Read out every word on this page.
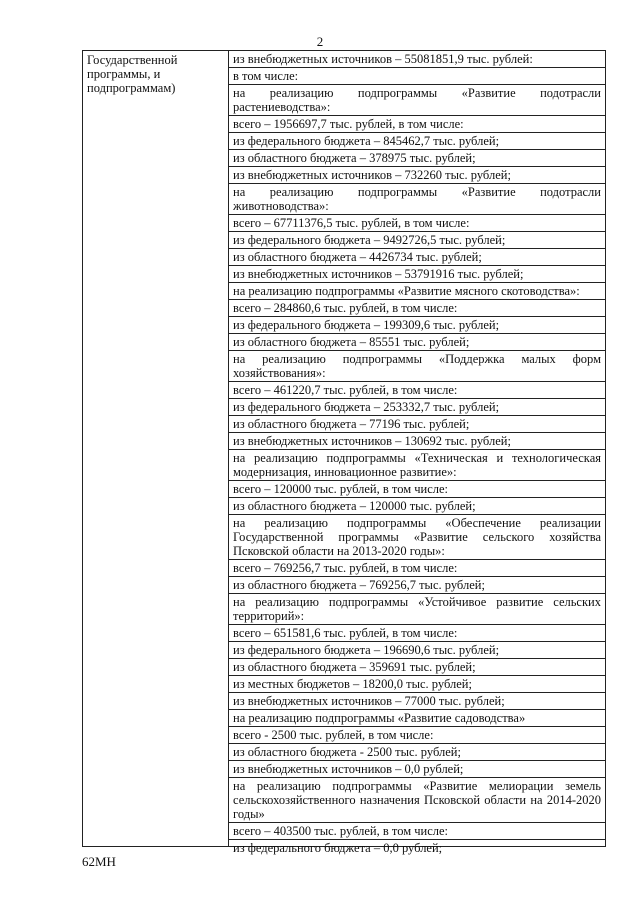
2
Государственной программы, и подпрограммам)
из внебюджетных источников – 55081851,9 тыс. рублей:
в том числе:
на реализацию подпрограммы «Развитие подотрасли растениеводства»:
всего – 1956697,7 тыс. рублей, в том числе:
из федерального бюджета – 845462,7 тыс. рублей;
из областного бюджета – 378975 тыс. рублей;
из внебюджетных источников – 732260 тыс. рублей;
на реализацию подпрограммы «Развитие подотрасли животноводства»:
всего – 67711376,5 тыс. рублей, в том числе:
из федерального бюджета – 9492726,5 тыс. рублей;
из областного бюджета – 4426734 тыс. рублей;
из внебюджетных источников – 53791916 тыс. рублей;
на реализацию подпрограммы «Развитие мясного скотоводства»:
всего – 284860,6 тыс. рублей, в том числе:
из федерального бюджета – 199309,6 тыс. рублей;
из областного бюджета – 85551 тыс. рублей;
на реализацию подпрограммы «Поддержка малых форм хозяйствования»:
всего – 461220,7 тыс. рублей, в том числе:
из федерального бюджета – 253332,7 тыс. рублей;
из областного бюджета – 77196 тыс. рублей;
из внебюджетных источников – 130692 тыс. рублей;
на реализацию подпрограммы «Техническая и технологическая модернизация, инновационное развитие»:
всего – 120000 тыс. рублей, в том числе:
из областного бюджета – 120000 тыс. рублей;
на реализацию подпрограммы «Обеспечение реализации Государственной программы «Развитие сельского хозяйства Псковской области на 2013-2020 годы»:
всего – 769256,7 тыс. рублей, в том числе:
из областного бюджета – 769256,7 тыс. рублей;
на реализацию подпрограммы «Устойчивое развитие сельских территорий»:
всего – 651581,6 тыс. рублей, в том числе:
из федерального бюджета – 196690,6 тыс. рублей;
из областного бюджета – 359691 тыс. рублей;
из местных бюджетов – 18200,0 тыс. рублей;
из внебюджетных источников – 77000 тыс. рублей;
на реализацию подпрограммы «Развитие садоводства»
всего - 2500 тыс. рублей, в том числе:
из областного бюджета - 2500 тыс. рублей;
из внебюджетных источников – 0,0 рублей;
на реализацию подпрограммы «Развитие мелиорации земель сельскохозяйственного назначения Псковской области на 2014-2020 годы»
всего – 403500 тыс. рублей, в том числе:
из федерального бюджета – 0,0 рублей;
62МН
